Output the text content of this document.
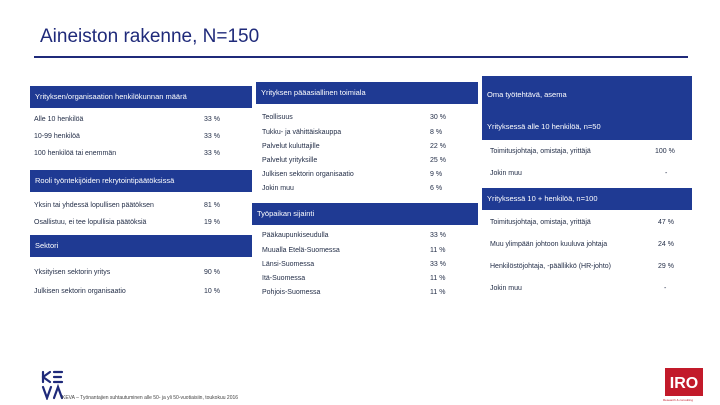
Aineiston rakenne, N=150
Yrityksen/organisaation henkilökunnan määrä
Alle 10 henkilöä	33 %
10-99 henkilöä	33 %
100 henkilöä tai enemmän	33 %
Rooli työntekijöiden rekrytointipäätöksissä
Yksin tai yhdessä lopullisen päätöksen	81 %
Osallistuu, ei tee lopullisia päätöksiä	19 %
Sektori
Yksityisen sektorin yritys	90 %
Julkisen sektorin organisaatio	10 %
Yrityksen pääasiallinen toimiala
Teollisuus	30 %
Tukku- ja vähittäiskauppa	8 %
Palvelut kuluttajille	22 %
Palvelut yrityksille	25 %
Julkisen sektorin organisaatio	9 %
Jokin muu	6 %
Työpaikan sijainti
Pääkaupunkiseudulla	33 %
Muualla Etelä-Suomessa	11 %
Länsi-Suomessa	33 %
Itä-Suomessa	11 %
Pohjois-Suomessa	11 %
Oma työtehtävä, asema
Yrityksessä alle 10 henkilöä, n=50
Toimitusjohtaja, omistaja, yrittäjä	100 %
Jokin muu	-
Yrityksessä 10 + henkilöä, n=100
Toimitusjohtaja, omistaja, yrittäjä	47 %
Muu ylimpään johtoon kuuluva johtaja	24 %
Henkilöstöjohtaja, -päällikkö (HR-johto)	29 %
Jokin muu	-
KEVA – Työnantajien suhtautuminen alle 50- ja yli 50-vuotiaisiin, toukokuu 2016
IRO
Research & consulting
